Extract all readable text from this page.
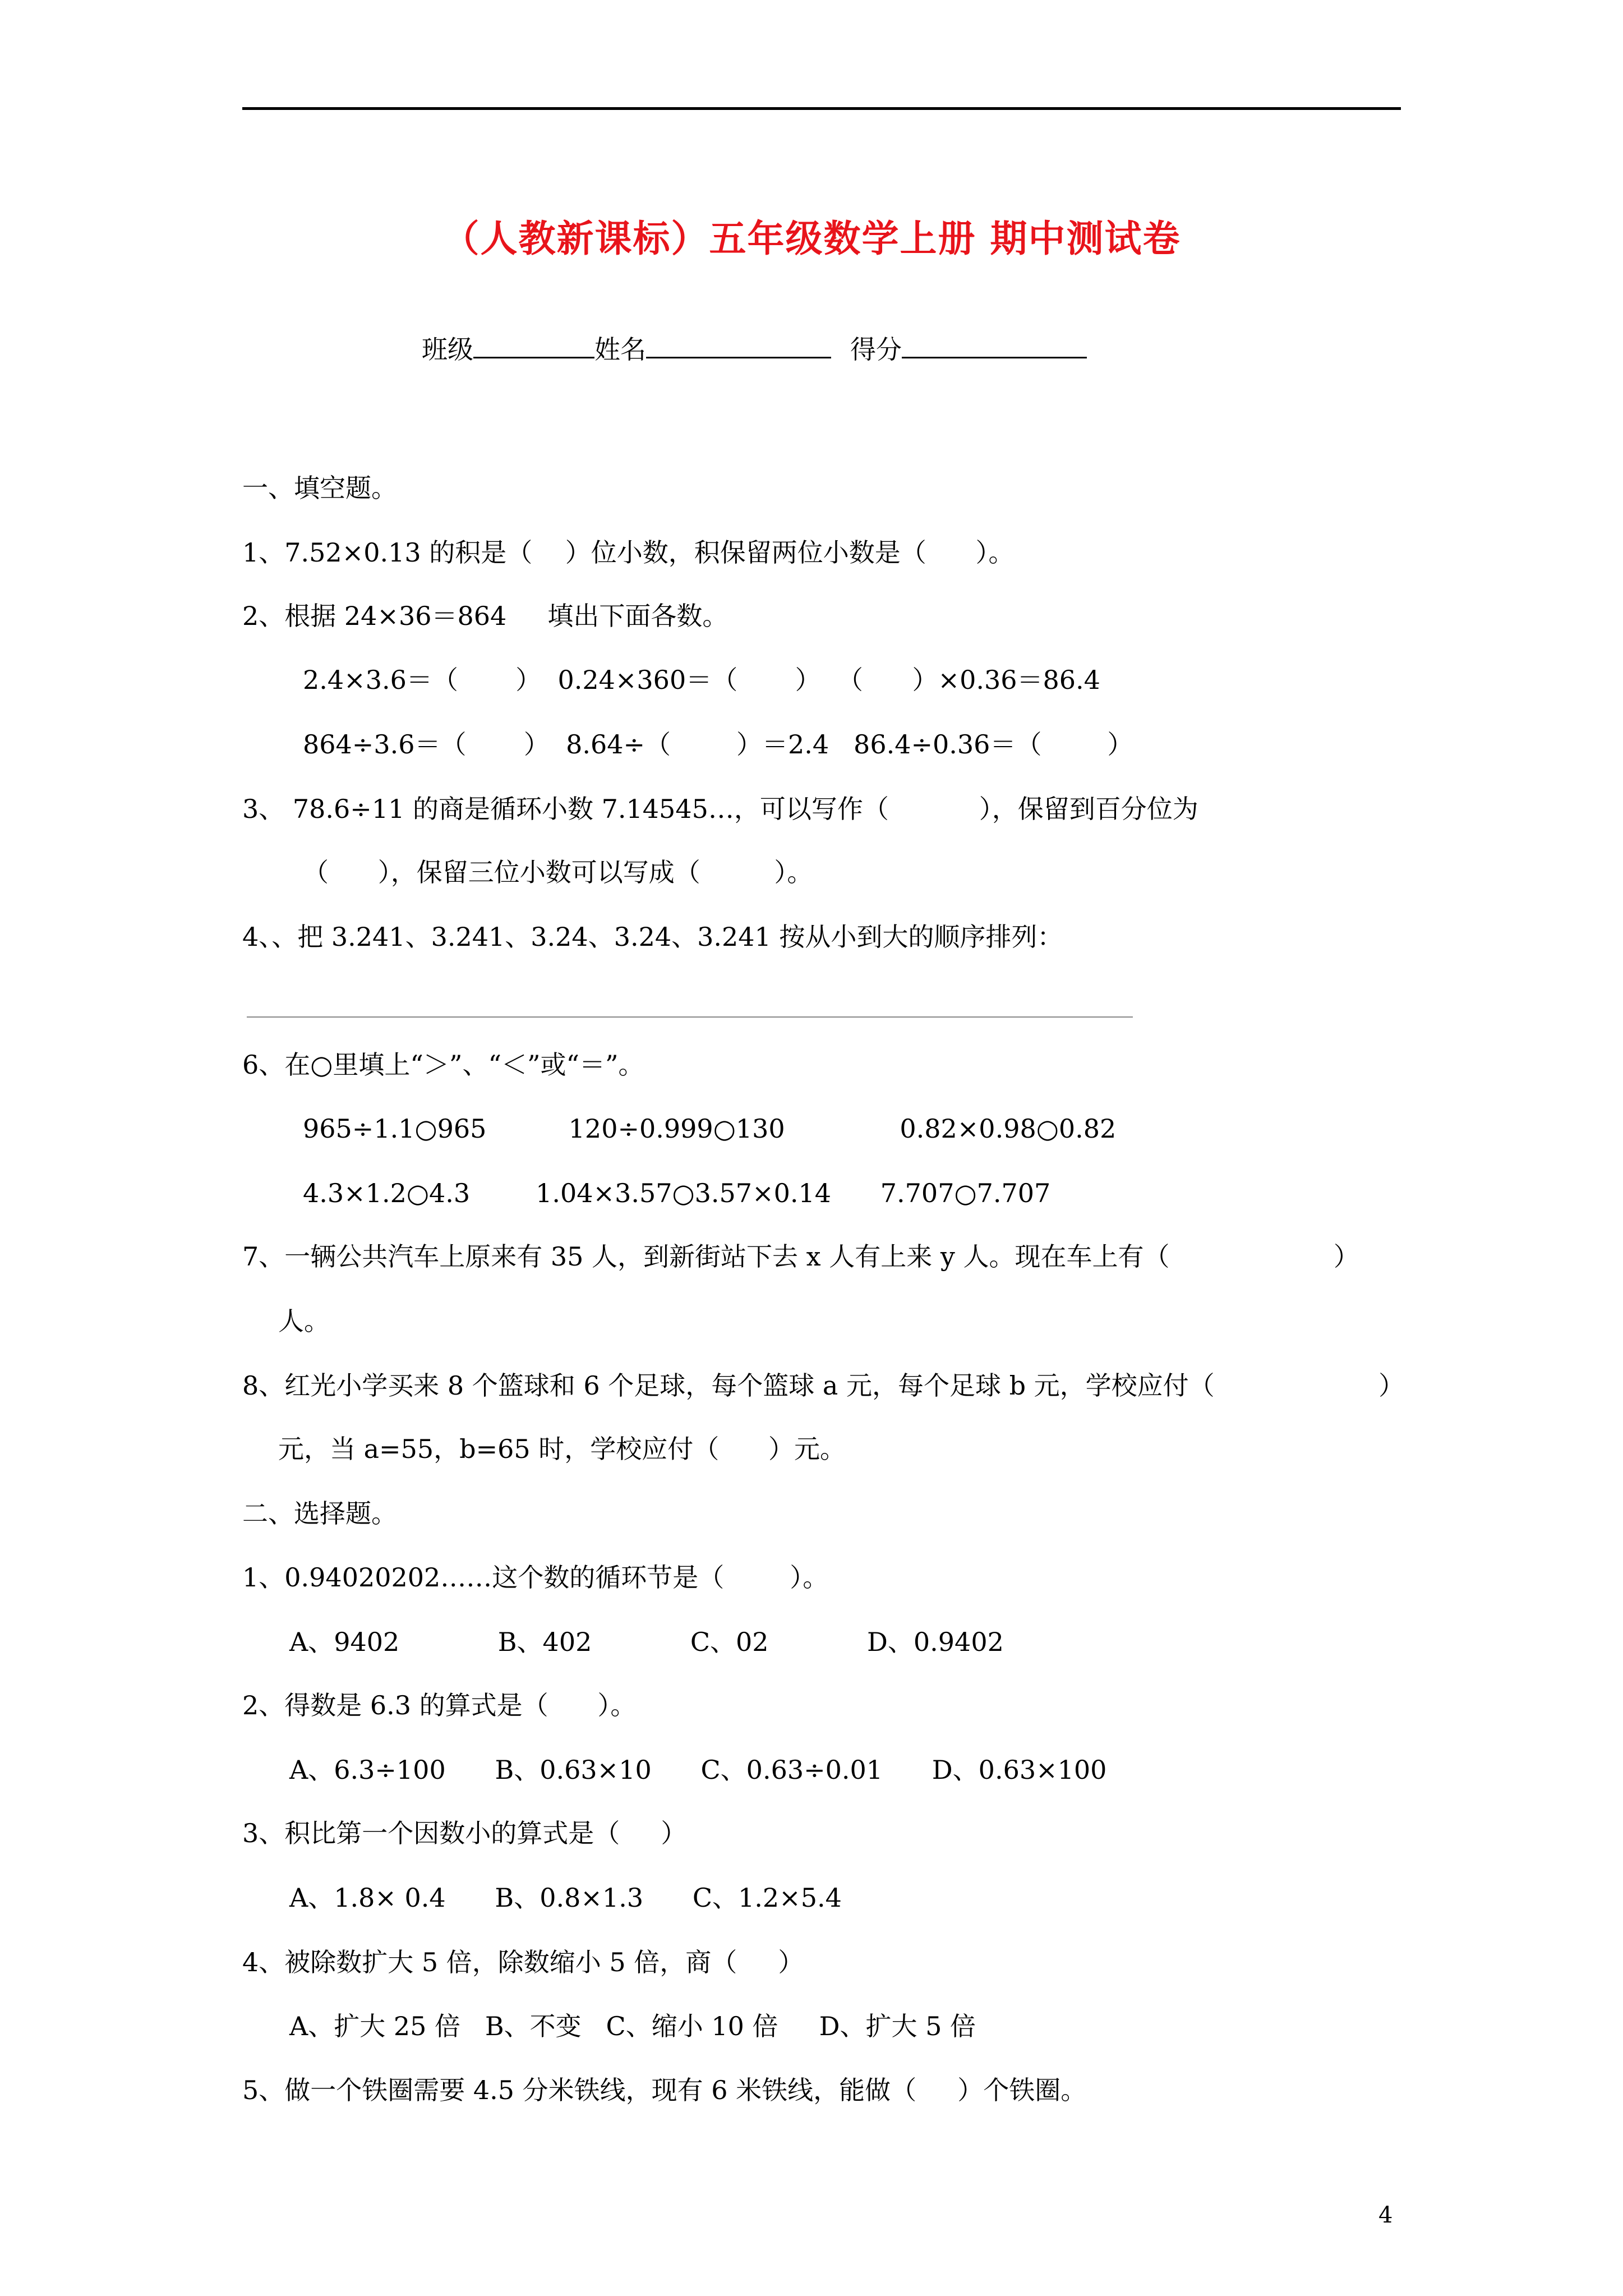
（人教新课标）五年级数学上册 期中测试卷
班级	姓名	得分
一、填空题。
1、7.52×0.13 的积是（    ）位小数，积保留两位小数是（      ）。
2、根据 24×36＝864     填出下面各数。
2.4×3.6＝（       ）  0.24×360＝（       ）  （      ）×0.36＝86.4
864÷3.6＝（       ）  8.64÷（        ）＝2.4   86.4÷0.36＝（        ）
3、 78.6÷11 的商是循环小数 7.14545…，可以写作（           ），保留到百分位为
（      ），保留三位小数可以写成（         ）。
4、、把 3.241、3.241、3.24、3.24、3.241 按从小到大的顺序排列：
6、在○里填上“＞”、“＜”或“＝”。
965÷1.1○965          120÷0.999○130              0.82×0.98○0.82
4.3×1.2○4.3        1.04×3.57○3.57×0.14      7.707○7.707
7、一辆公共汽车上原来有 35 人，到新街站下去 x 人有上来 y 人。现在车上有（                    ）
人。
8、红光小学买来 8 个篮球和 6 个足球，每个篮球 a 元，每个足球 b 元，学校应付（                    ）
元，当 a=55，b=65 时，学校应付（      ）元。
二、选择题。
1、0.94020202……这个数的循环节是（        ）。
A、9402            B、402            C、02            D、0.9402
2、得数是 6.3 的算式是（      ）。
A、6.3÷100      B、0.63×10      C、0.63÷0.01      D、0.63×100
3、积比第一个因数小的算式是（     ）
A、1.8× 0.4      B、0.8×1.3      C、1.2×5.4
4、被除数扩大 5 倍，除数缩小 5 倍，商（     ）
A、扩大 25 倍   B、不变   C、缩小 10 倍     D、扩大 5 倍
5、做一个铁圈需要 4.5 分米铁线，现有 6 米铁线，能做（     ）个铁圈。
4
